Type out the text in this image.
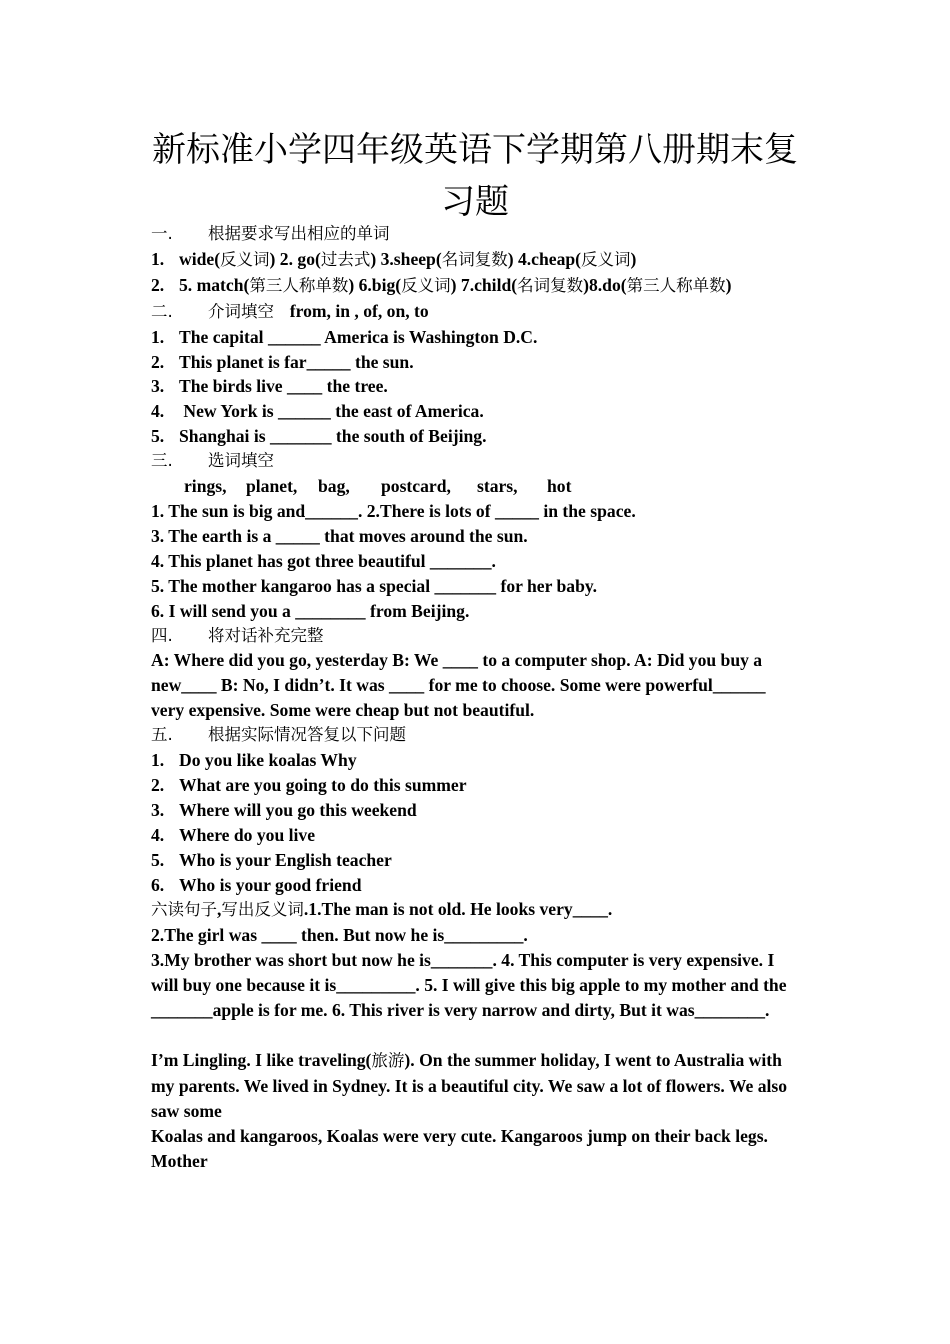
新标准小学四年级英语下学期第八册期末复习题
一. 根据要求写出相应的单词
1. wide(反义词) 2. go(过去式) 3.sheep(名词复数) 4.cheap(反义词)
2. 5. match(第三人称单数) 6.big(反义词) 7.child(名词复数)8.do(第三人称单数)
二. 介词填空 from, in , of, on, to
1. The capital ______ America is Washington D.C.
2. This planet is far_____ the sun.
3. The birds live ____ the tree.
4. New York is ______ the east of America.
5. Shanghai is _______ the south of Beijing.
三. 选词填空
rings, planet, bag, postcard, stars, hot
1. The sun is big and______. 2.There is lots of _____ in the space.
3. The earth is a _____ that moves around the sun.
4. This planet has got three beautiful _______.
5. The mother kangaroo has a special _______ for her baby.
6. I will send you a ________ from Beijing.
四. 将对话补充完整
A: Where did you go, yesterday B: We ____ to a computer shop. A: Did you buy a new____ B: No, I didn’t. It was ____ for me to choose. Some were powerful______ very expensive. Some were cheap but not beautiful.
五. 根据实际情况答复以下问题
1. Do you like koalas Why
2. What are you going to do this summer
3. Where will you go this weekend
4. Where do you live
5. Who is your English teacher
6. Who is your good friend
六读句子,写出反义词.1.The man is not old. He looks very____.
2.The girl was ____ then. But now he is_________.
3.My brother was short but now he is_______. 4. This computer is very expensive. I will buy one because it is_________. 5. I will give this big apple to my mother and the _______apple is for me. 6. This river is very narrow and dirty, But it was________.
I’m Lingling. I like traveling(旅游). On the summer holiday, I went to Australia with my parents. We lived in Sydney. It is a beautiful city. We saw a lot of flowers. We also saw some
Koalas and kangaroos, Koalas were very cute. Kangaroos jump on their back legs. Mother
